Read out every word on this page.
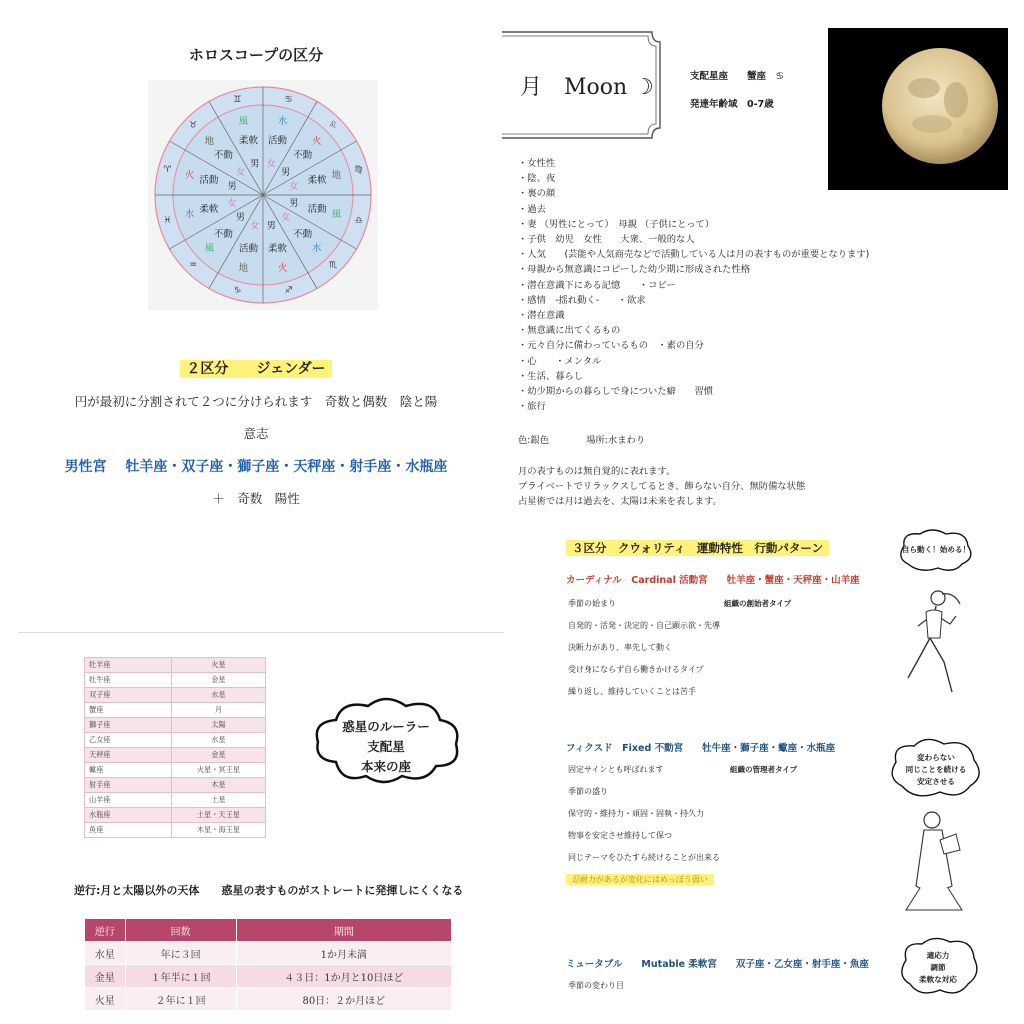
ホロスコープの区分
♈ 火 活動
男
♉
地
不動
女
♊
風
柔軟
男
♋
水
活動
女
♌
火
不動
男	♍
地
柔軟
女
♎
風
活動
男
♏
水
不動
女
♐
火
柔軟
男
♑
地
活動
女
♒
風
不動
男
♓
水 柔軟
女
２区分　　ジェンダー
円が最初に分割されて２つに分けられます　奇数と偶数　陰と陽
意志
男性宮　 牡羊座・双子座・獅子座・天秤座・射手座・水瓶座
＋　奇数　陽性

月　Moon ☽	支配星座　　蟹座　♋
発達年齢域　0-7歳
・女性性
・陰、夜
・裏の顔
・過去
・妻 （男性にとって）　母親 （子供にとって）
・子供　幼児　女性　　大衆、一般的な人
・人気　　(芸能や人気商売などで活動している人は月の表すものが重要となります)
・母親から無意識にコピーした幼少期に形成された性格
・潜在意識下にある記憶　　・コピー
・感情　-揺れ動く-　　・欲求
・潜在意識
・無意識に出てくるもの
・元々自分に備わっているもの　・素の自分
・心　　・メンタル
・生活、暮らし
・幼少期からの暮らしで身についた癖　　習慣
・旅行
色:銀色　　　　場所:水まわり
月の表すものは無自覚的に表れます。
プライベートでリラックスしてるとき、飾らない自分、無防備な状態
占星術では月は過去を、太陽は未来を表します。
牡羊座	火星
牡牛座	金星
双子座	水星
蟹座	月
獅子座	太陽
乙女座	水星
天秤座	金星
蠍座	火星・冥王星
射手座	木星
山羊座	土星
水瓶座	土星・天王星
魚座	木星・海王星
惑星のルーラー
支配星
本来の座
逆行:月と太陽以外の天体　　惑星の表すものがストレートに発揮しにくくなる
逆行	回数	期間
水星	年に３回	1か月未満
金星	１年半に１回	４３日：1か月と10日ほど
火星	２年に１回	80日：２か月ほど
３区分　クウォリティ　運動特性　行動パターン
カーディナル　Cardinal 活動宮　　牡羊座・蟹座・天秤座・山羊座
組織の創始者タイプ
季節の始まり
自発的・活発・決定的・自己顕示欲・先導
決断力があり、率先して動く
受け身にならず自ら働きかけるタイプ
繰り返し、維持していくことは苦手
自ら動く！始める！
フィクスド　Fixed 不動宮　　牡牛座・獅子座・蠍座・水瓶座
組織の管理者タイプ
固定サインとも呼ばれます
季節の盛り
保守的・維持力・頑固・固執・持久力
物事を安定させ維持して保つ
同じテーマをひたすら続けることが出来る
忍耐力があるが変化にはめっぽう弱い
変わらない
同じことを続ける
安定させる
ミュータブル　　Mutable 柔軟宮　　双子座・乙女座・射手座・魚座
季節の変わり目
適応力
調節
柔軟な対応
